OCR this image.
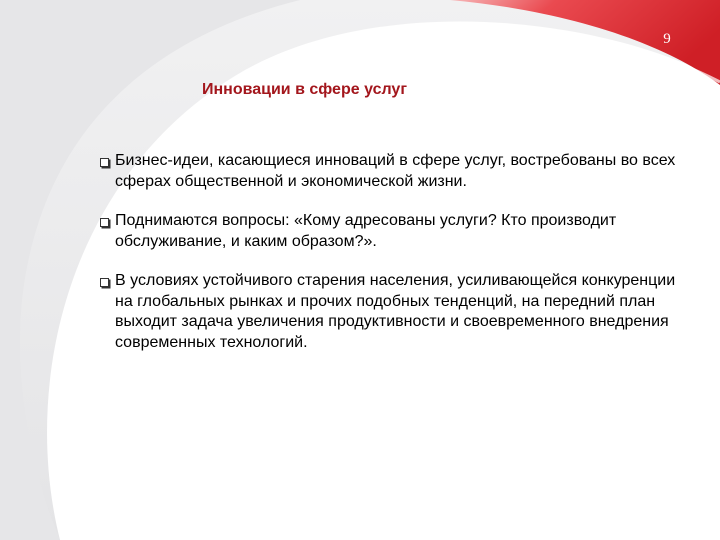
9
Инновации в сфере услуг
Бизнес-идеи, касающиеся инноваций в сфере услуг, востребованы во всех сферах общественной и экономической жизни.
Поднимаются вопросы: «Кому адресованы услуги? Кто производит обслуживание, и каким образом?».
В условиях устойчивого старения населения, усиливающейся конкуренции на глобальных рынках и прочих подобных тенденций, на передний план выходит задача увеличения продуктивности и своевременного внедрения современных технологий.
